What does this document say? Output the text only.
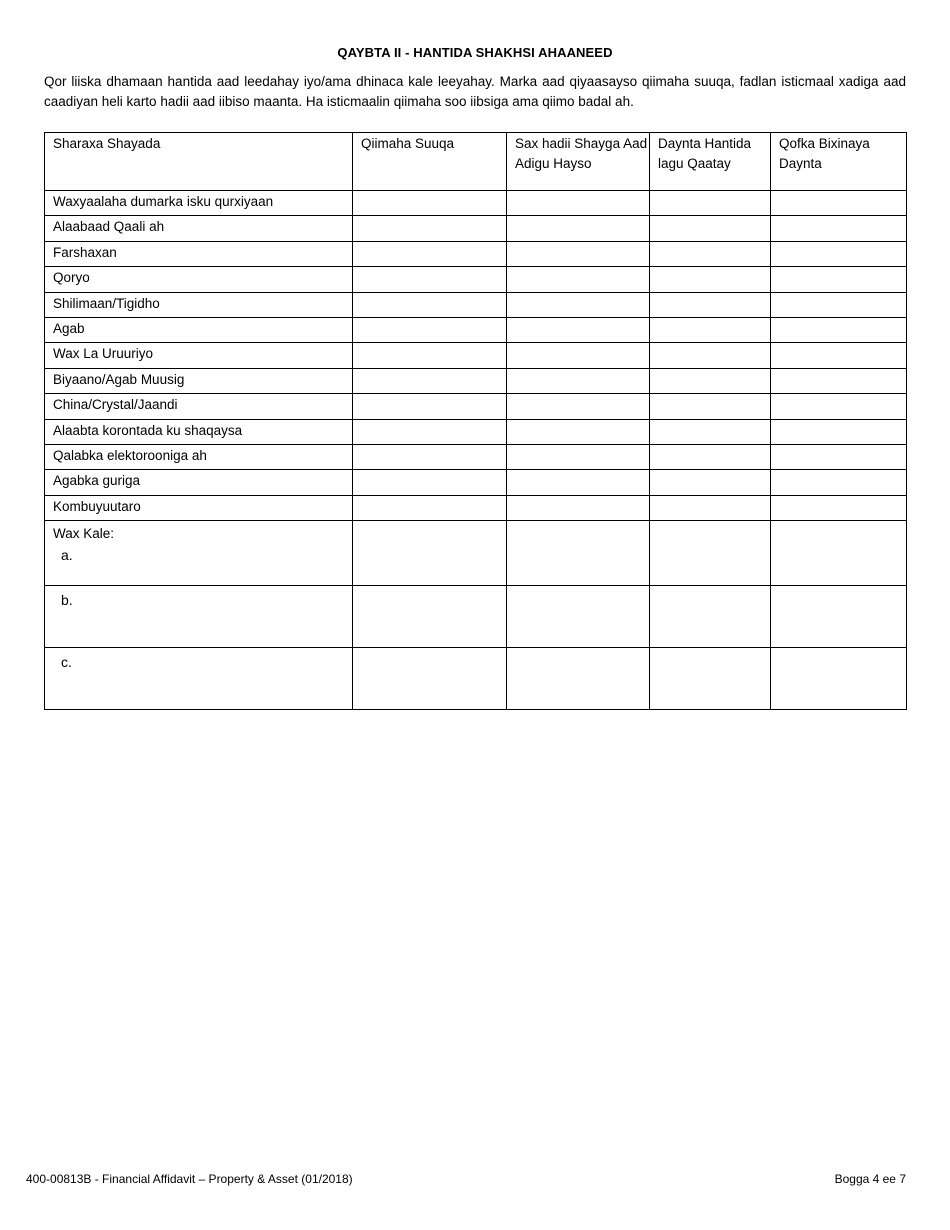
QAYBTA II - HANTIDA SHAKHSI AHAANEED
Qor liiska dhamaan hantida aad leedahay iyo/ama dhinaca kale leeyahay. Marka aad qiyaasayso qiimaha suuqa, fadlan isticmaal xadiga aad caadiyan heli karto hadii aad iibiso maanta. Ha isticmaalin qiimaha soo iibsiga ama qiimo badal ah.
Sharaxa Shayada	Qiimaha Suuqa	Sax hadii Shayga Aad Adigu Hayso	Daynta Hantida lagu Qaatay	Qofka Bixinaya Daynta
Waxyaalaha dumarka isku qurxiyaan				
Alaabaad Qaali ah				
Farshaxan				
Qoryo				
Shilimaan/Tigidho				
Agab				
Wax La Uruuriyo				
Biyaano/Agab Muusig				
China/Crystal/Jaandi				
Alaabta korontada ku shaqaysa				
Qalabka elektorooniga ah				
Agabka guriga				
Kombuyuutaro				

Wax Kale:
a.				

b.				

c.				

400-00813B - Financial Affidavit – Property & Asset (01/2018)	Bogga 4 ee 7
